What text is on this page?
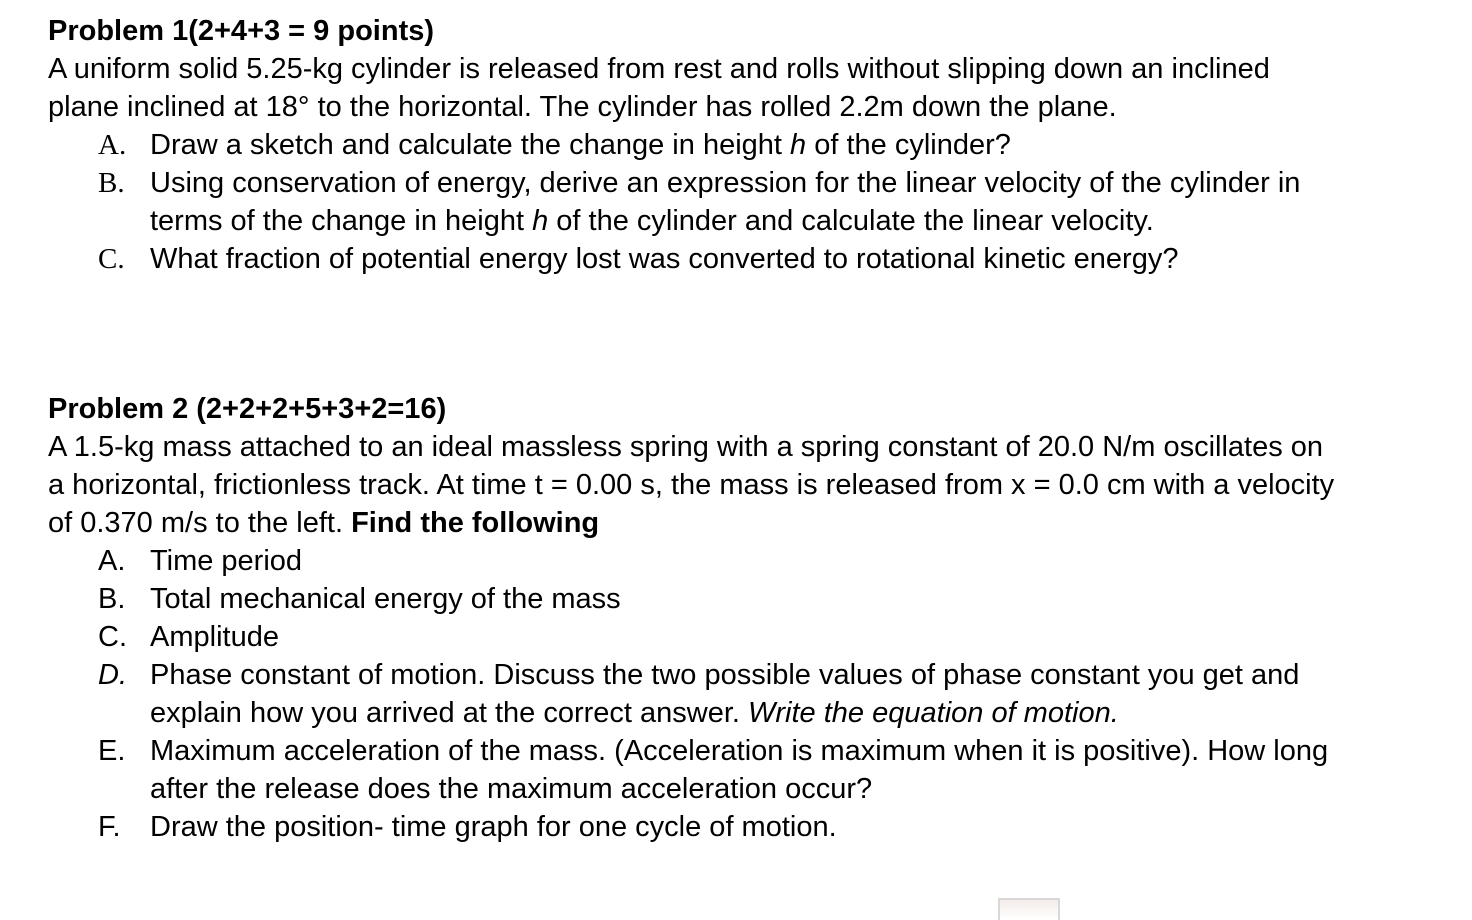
Problem 1(2+4+3 = 9 points)

A uniform solid 5.25-kg cylinder is released from rest and rolls without slipping down an inclined plane inclined at 18° to the horizontal. The cylinder has rolled 2.2m down the plane.

A. Draw a sketch and calculate the change in height h of the cylinder?
B. Using conservation of energy, derive an expression for the linear velocity of the cylinder in terms of the change in height h of the cylinder and calculate the linear velocity.
C. What fraction of potential energy lost was converted to rotational kinetic energy?
Problem 2 (2+2+2+5+3+2=16)

A 1.5-kg mass attached to an ideal massless spring with a spring constant of 20.0 N/m oscillates on a horizontal, frictionless track. At time t = 0.00 s, the mass is released from x = 0.0 cm with a velocity of 0.370 m/s to the left. Find the following

A. Time period
B. Total mechanical energy of the mass
C. Amplitude
D. Phase constant of motion. Discuss the two possible values of phase constant you get and explain how you arrived at the correct answer. Write the equation of motion.
E. Maximum acceleration of the mass. (Acceleration is maximum when it is positive). How long after the release does the maximum acceleration occur?
F.	Draw the position- time graph for one cycle of motion.
